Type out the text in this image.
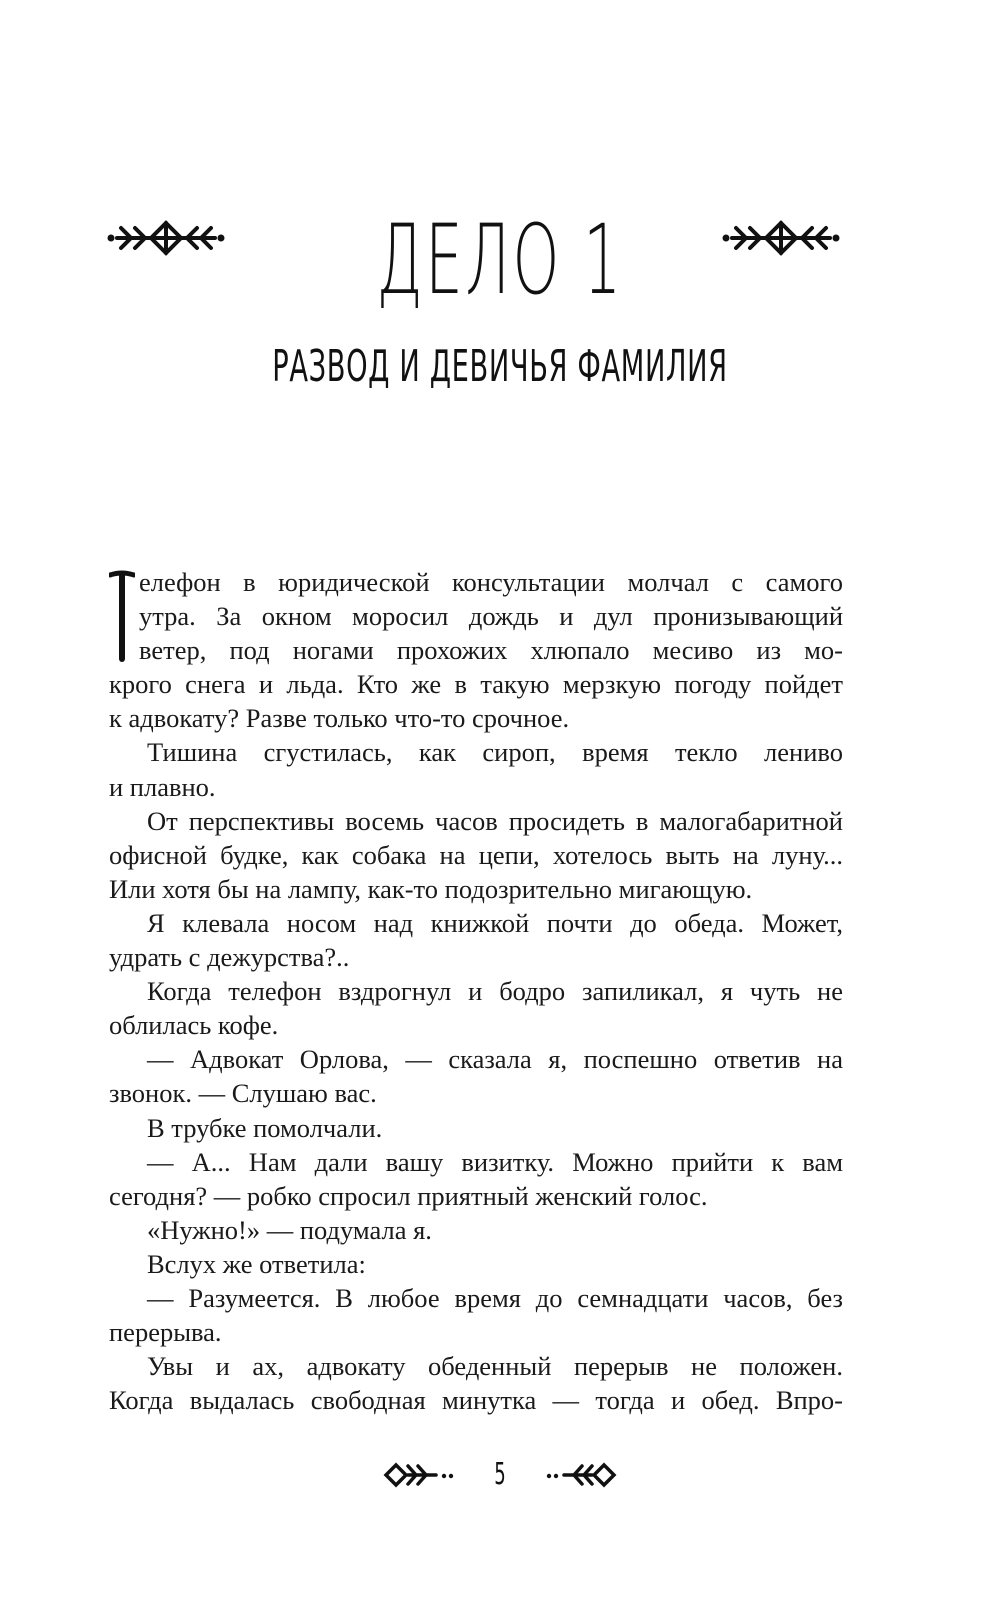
ДЕЛО 1
РАЗВОД И ДЕВИЧЬЯ ФАМИЛИЯ
елефон в юридической консультации молчал с самого
утра. За окном моросил дождь и дул пронизывающий
ветер, под ногами прохожих хлюпало месиво из мо-
крого снега и льда. Кто же в такую мерзкую погоду пойдет
к адвокату? Разве только что-то срочное.
Тишина сгустилась, как сироп, время текло лениво
и плавно.
От перспективы восемь часов просидеть в малогабаритной
офисной будке, как собака на цепи, хотелось выть на луну...
Или хотя бы на лампу, как-то подозрительно мигающую.
Я клевала носом над книжкой почти до обеда. Может,
удрать с дежурства?..
Когда телефон вздрогнул и бодро запиликал, я чуть не
облилась кофе.
— Адвокат Орлова, — сказала я, поспешно ответив на
звонок. — Слушаю вас.
В трубке помолчали.
— А... Нам дали вашу визитку. Можно прийти к вам
сегодня? — робко спросил приятный женский голос.
«Нужно!» — подумала я.
Вслух же ответила:
— Разумеется. В любое время до семнадцати часов, без
перерыва.
Увы и ах, адвокату обеденный перерыв не положен.
Когда выдалась свободная минутка — тогда и обед. Впро-
5
